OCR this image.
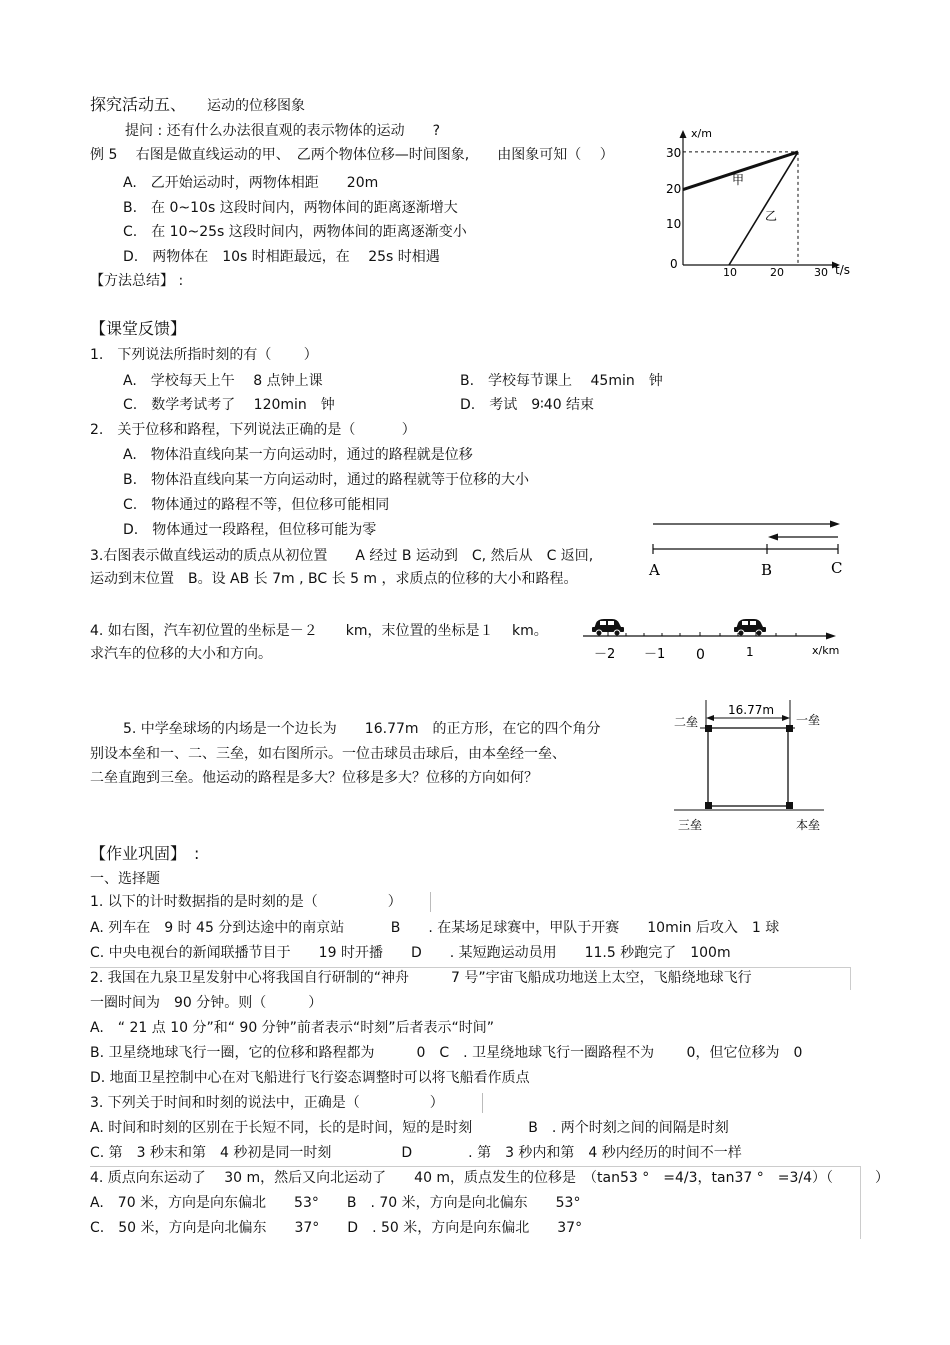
探究活动五、 运动的位移图象
提问 : 还有什么办法很直观的表示物体的运动　　?
例 5　 右图是做直线运动的甲、　乙两个物体位移—时间图象,　　由图象可知（　 ）
A.　乙开始运动时，两物体相距　　20m
B.　在 0~10s 这段时间内，两物体间的距离逐渐增大
C.　在 10~25s 这段时间内，两物体间的距离逐渐变小
D.　两物体在　10s 时相距最远，在　 25s 时相遇
【方法总结】 :
x/m
t/s
30
20
10
0
10	20	30
甲
乙
【课堂反馈】
1.　下列说法所指时刻的有（　　 ）
A.　学校每天上午　 8 点钟上课	B.　学校每节课上　 45min　钟
C.　数学考试考了　 120min　钟	D.　考试　9∶40 结束
2.　关于位移和路程，下列说法正确的是（　　　 ）
A.　物体沿直线向某一方向运动时，通过的路程就是位移
B.　物体沿直线向某一方向运动时，通过的路程就等于位移的大小
C.　物体通过的路程不等，但位移可能相同
D.　物体通过一段路程，但位移可能为零
3.右图表示做直线运动的质点从初位置　　A 经过 B 运动到　C, 然后从　C 返回,
运动到末位置　B。设 AB 长 7m , BC 长 5 m ，求质点的位移的大小和路程。	A	B	C
4. 如右图，汽车初位置的坐标是－２　　km，末位置的坐标是１　 km。
求汽车的位移的大小和方向。	－2 －1 0	1	x/km
5. 中学垒球场的内场是一个边长为　　16.77m　的正方形，在它的四个角分
别设本垒和一、二、三垒，如右图所示。一位击球员击球后，由本垒经一垒、
二垒直跑到三垒。他运动的路程是多大？位移是多大？位移的方向如何？
16.77m
二垒	一垒
三垒	本垒
【作业巩固】　:
一、选择题
1. 以下的计时数据指的是时刻的是（　　　　　）
A. 列车在　9 时 45 分到达途中的南京站　　　 B　　. 在某场足球赛中，甲队于开赛　　10min 后攻入　1 球
C. 中央电视台的新闻联播节目于　　19 时开播　　D　　. 某短跑运动员用　　11.5 秒跑完了　100m
2. 我国在九泉卫星发射中心将我国自行研制的“神舟　　　7 号”宇宙飞船成功地送上太空，飞船绕地球飞行
一圈时间为　90 分钟。则（　　　）
A.　“ 21 点 10 分”和“ 90 分钟”前者表示“时刻”后者表示“时间”
B. 卫星绕地球飞行一圈，它的位移和路程都为　　　0　C　. 卫星绕地球飞行一圈路程不为　　 0，但它位移为　0
D. 地面卫星控制中心在对飞船进行飞行姿态调整时可以将飞船看作质点
3. 下列关于时间和时刻的说法中，正确是（　　　　　）
A. 时间和时刻的区别在于长短不同，长的是时间，短的是时刻　　　　B　. 两个时刻之间的间隔是时刻
C. 第　3 秒末和第　4 秒初是同一时刻　　　　　D　　　　. 第　3 秒内和第　4 秒内经历的时间不一样
4. 质点向东运动了　 30 m，然后又向北运动了　　40 m，质点发生的位移是　（tan53 °　=4/3，tan37 °　=3/4）（　　　）
A.　70 米，方向是向东偏北　　53°　　B　. 70 米，方向是向北偏东　　53°
C.　50 米，方向是向北偏东　　37°　　D　. 50 米，方向是向东偏北　　37°
